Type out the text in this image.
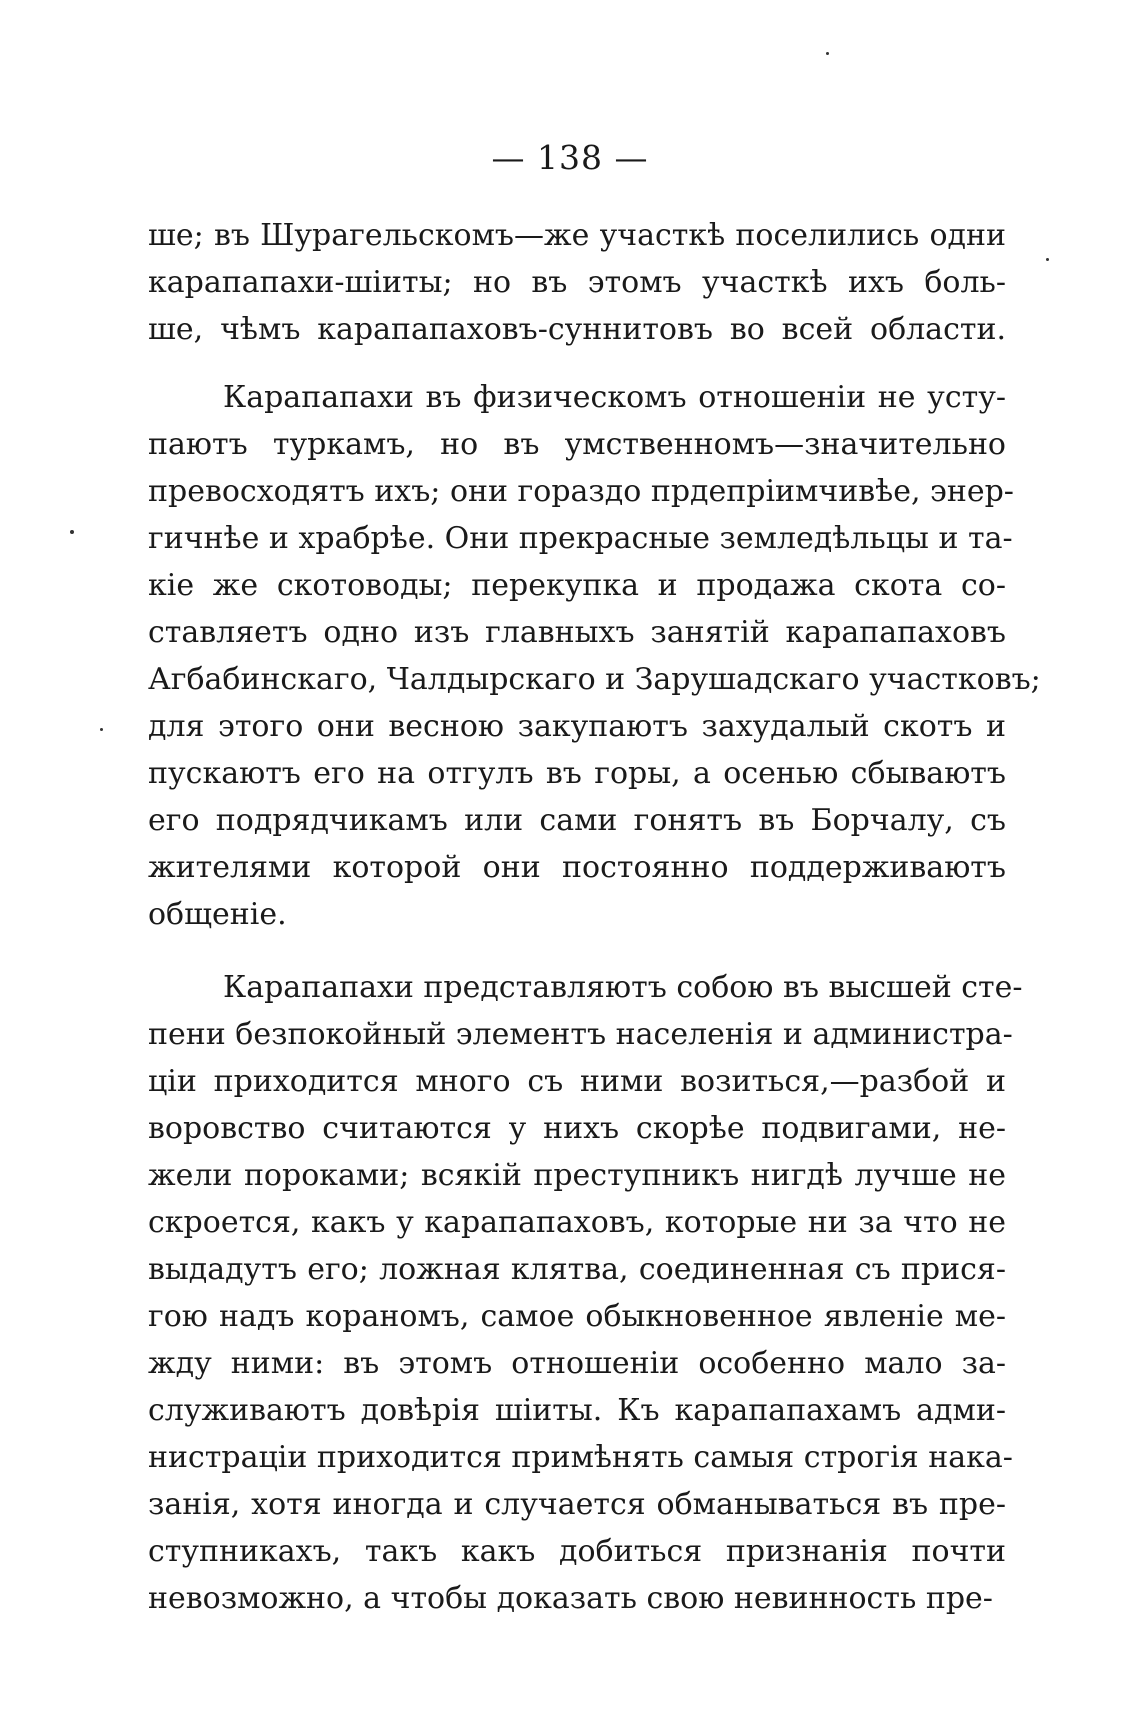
— 138 —
ше; въ Шурагельскомъ—же участкѣ поселились одни
карапапахи-шіиты; но въ этомъ участкѣ ихъ боль-
ше, чѣмъ карапапаховъ-суннитовъ во всей области.
Карапапахи въ физическомъ отношеніи не усту-
паютъ туркамъ, но въ умственномъ—значительно
превосходятъ ихъ; они гораздо прдепріимчивѣе, энер-
гичнѣе и храбрѣе. Они прекрасные земледѣльцы и та-
кіе же скотоводы; перекупка и продажа скота со-
ставляетъ одно изъ главныхъ занятій карапапаховъ
Агбабинскаго, Чалдырскаго и Зарушадскаго участковъ;
для этого они весною закупаютъ захудалый скотъ и
пускаютъ его на отгулъ въ горы, а осенью сбываютъ
его подрядчикамъ или сами гонятъ въ Борчалу, съ
жителями которой они постоянно поддерживаютъ
общеніе.
Карапапахи представляютъ собою въ высшей сте-
пени безпокойный элементъ населенія и администра-
ціи приходится много съ ними возиться,—разбой и
воровство считаются у нихъ скорѣе подвигами, не-
жели пороками; всякій преступникъ нигдѣ лучше не
скроется, какъ у карапапаховъ, которые ни за что не
выдадутъ его; ложная клятва, соединенная съ прися-
гою надъ кораномъ, самое обыкновенное явленіе ме-
жду ними: въ этомъ отношеніи особенно мало за-
служиваютъ довѣрія шіиты. Къ карапапахамъ адми-
нистраціи приходится примѣнять самыя строгія нака-
занія, хотя иногда и случается обманываться въ пре-
ступникахъ, такъ какъ добиться признанія почти
невозможно, а чтобы доказать свою невинность пре-
